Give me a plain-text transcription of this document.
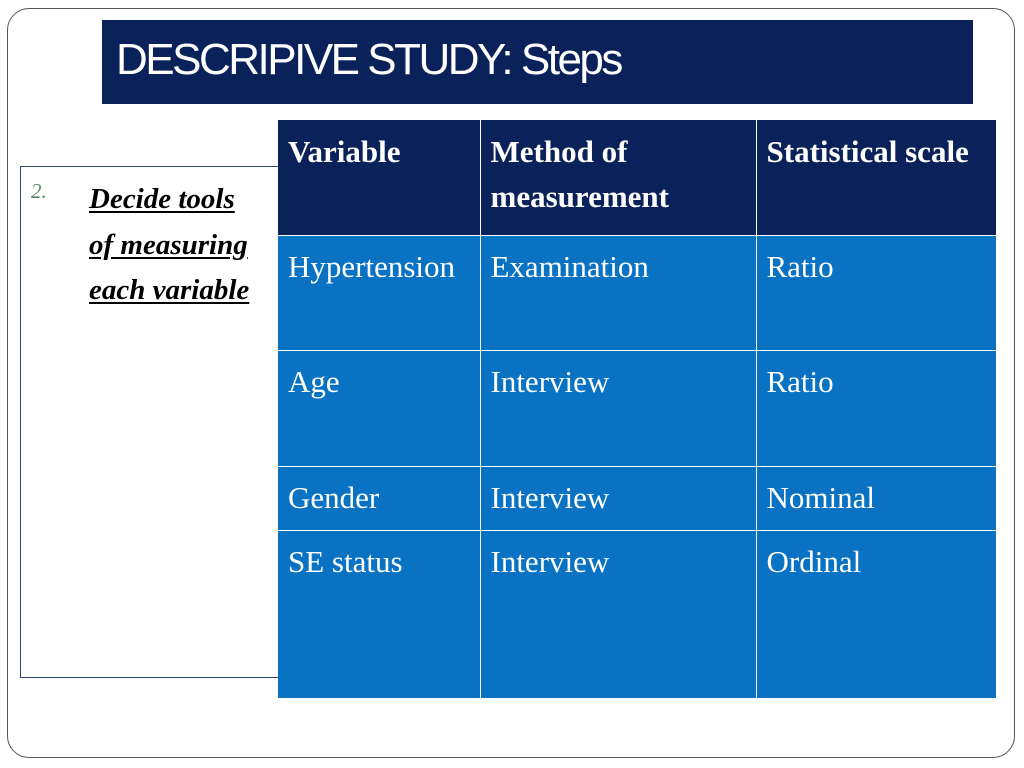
DESCRIPIVE STUDY: Steps
2. Decide tools of measuring each variable
Variable	Method of measurement	Statistical scale
Hypertension	Examination	Ratio
Age	Interview	Ratio
Gender	Interview	Nominal
SE status	Interview	Ordinal
